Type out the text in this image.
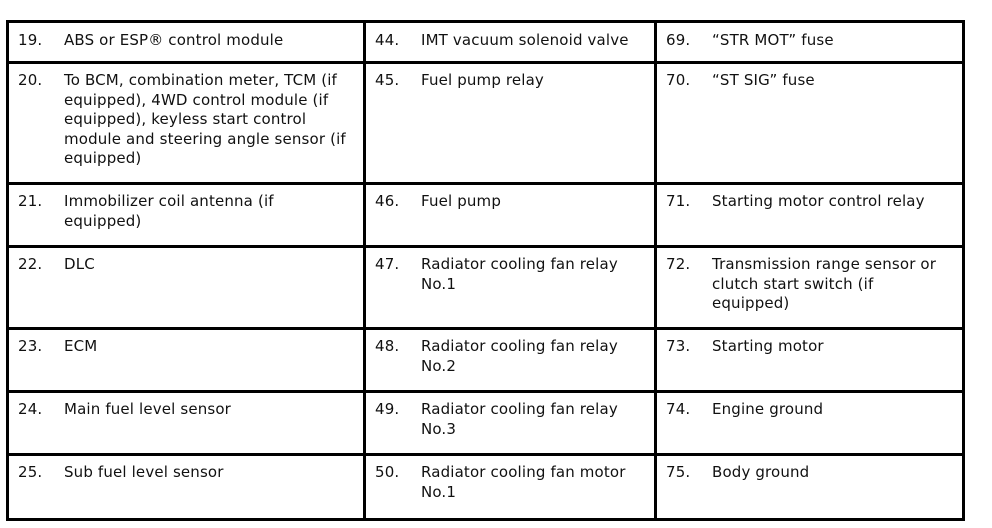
19. ABS or ESP® control module	44. IMT vacuum solenoid valve	69. “STR MOT” fuse

20. To BCM, combination meter, TCM (if equipped), 4WD control module (if equipped), keyless start control module and steering angle sensor (if equipped)	45. Fuel pump relay	70. “ST SIG” fuse

21. Immobilizer coil antenna (if equipped)	46. Fuel pump	71. Starting motor control relay

22. DLC	47. Radiator cooling fan relay No.1	72. Transmission range sensor or clutch start switch (if equipped)

23. ECM	48. Radiator cooling fan relay No.2	73. Starting motor

24. Main fuel level sensor	49. Radiator cooling fan relay No.3	74. Engine ground

25. Sub fuel level sensor	50. Radiator cooling fan motor No.1	75. Body ground
